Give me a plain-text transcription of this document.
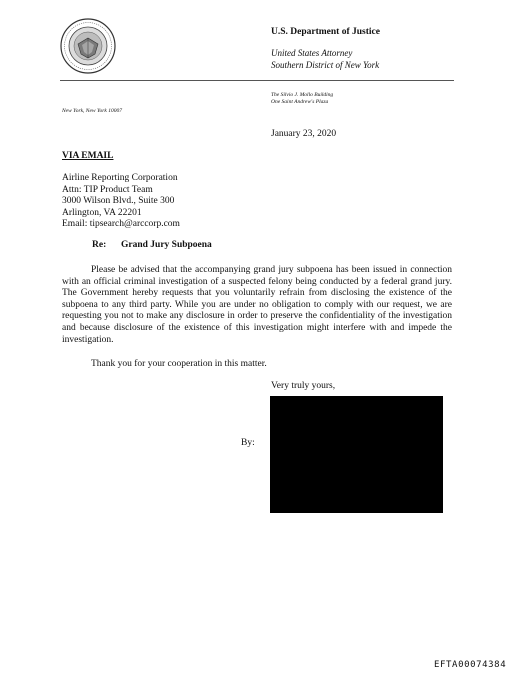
U.S. Department of Justice
United States Attorney
Southern District of New York
The Silvio J. Mollo Building
One Saint Andrew's Plaza
New York, New York 10007
January 23, 2020
VIA EMAIL
Airline Reporting Corporation
Attn: TIP Product Team
3000 Wilson Blvd., Suite 300
Arlington, VA 22201
Email: tipsearch@arccorp.com
Re: Grand Jury Subpoena
Please be advised that the accompanying grand jury subpoena has been issued in connection with an official criminal investigation of a suspected felony being conducted by a federal grand jury. The Government hereby requests that you voluntarily refrain from disclosing the existence of the subpoena to any third party. While you are under no obligation to comply with our request, we are requesting you not to make any disclosure in order to preserve the confidentiality of the investigation and because disclosure of the existence of this investigation might interfere with and impede the investigation.
Thank you for your cooperation in this matter.
Very truly yours,
By:
EFTA00074384
